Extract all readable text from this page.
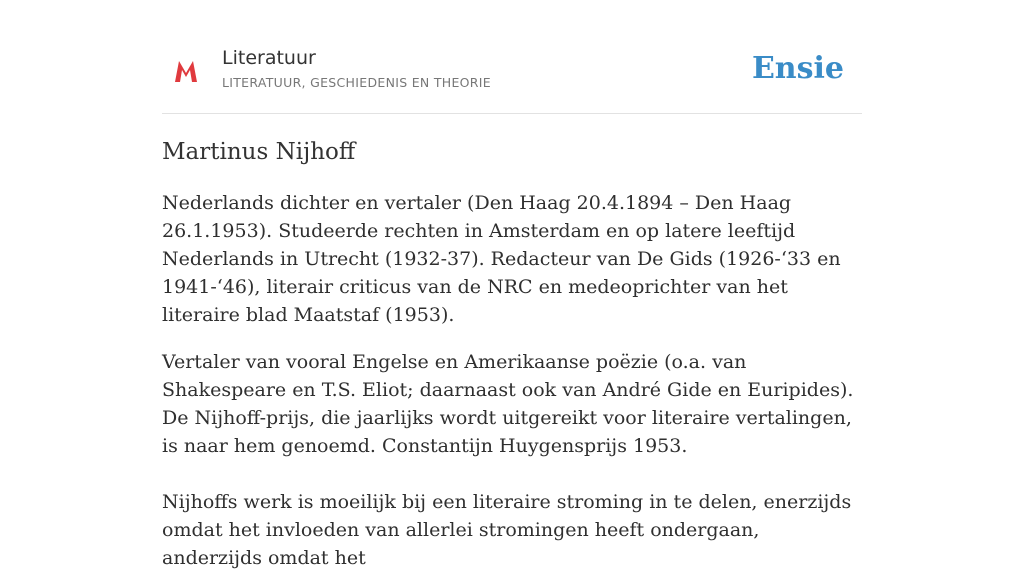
Literatuur
LITERATUUR, GESCHIEDENIS EN THEORIE	Ensie
Martinus Nijhoff

Nederlands dichter en vertaler (Den Haag 20.4.1894 – Den Haag 26.1.1953). Studeerde rechten in Amsterdam en op latere leeftijd Nederlands in Utrecht (1932-37). Redacteur van De Gids (1926-‘33 en 1941-‘46), literair criticus van de NRC en medeoprichter van het literaire blad Maatstaf (1953).

Vertaler van vooral Engelse en Amerikaanse poëzie (o.a. van Shakespeare en T.S. Eliot; daarnaast ook van André Gide en Euripides). De Nijhoff-prijs, die jaarlijks wordt uitgereikt voor literaire vertalingen, is naar hem genoemd. Constantijn Huygensprijs 1953.

Nijhoffs werk is moeilijk bij een literaire stroming in te delen, enerzijds omdat het invloeden van allerlei stromingen heeft ondergaan, anderzijds omdat het
